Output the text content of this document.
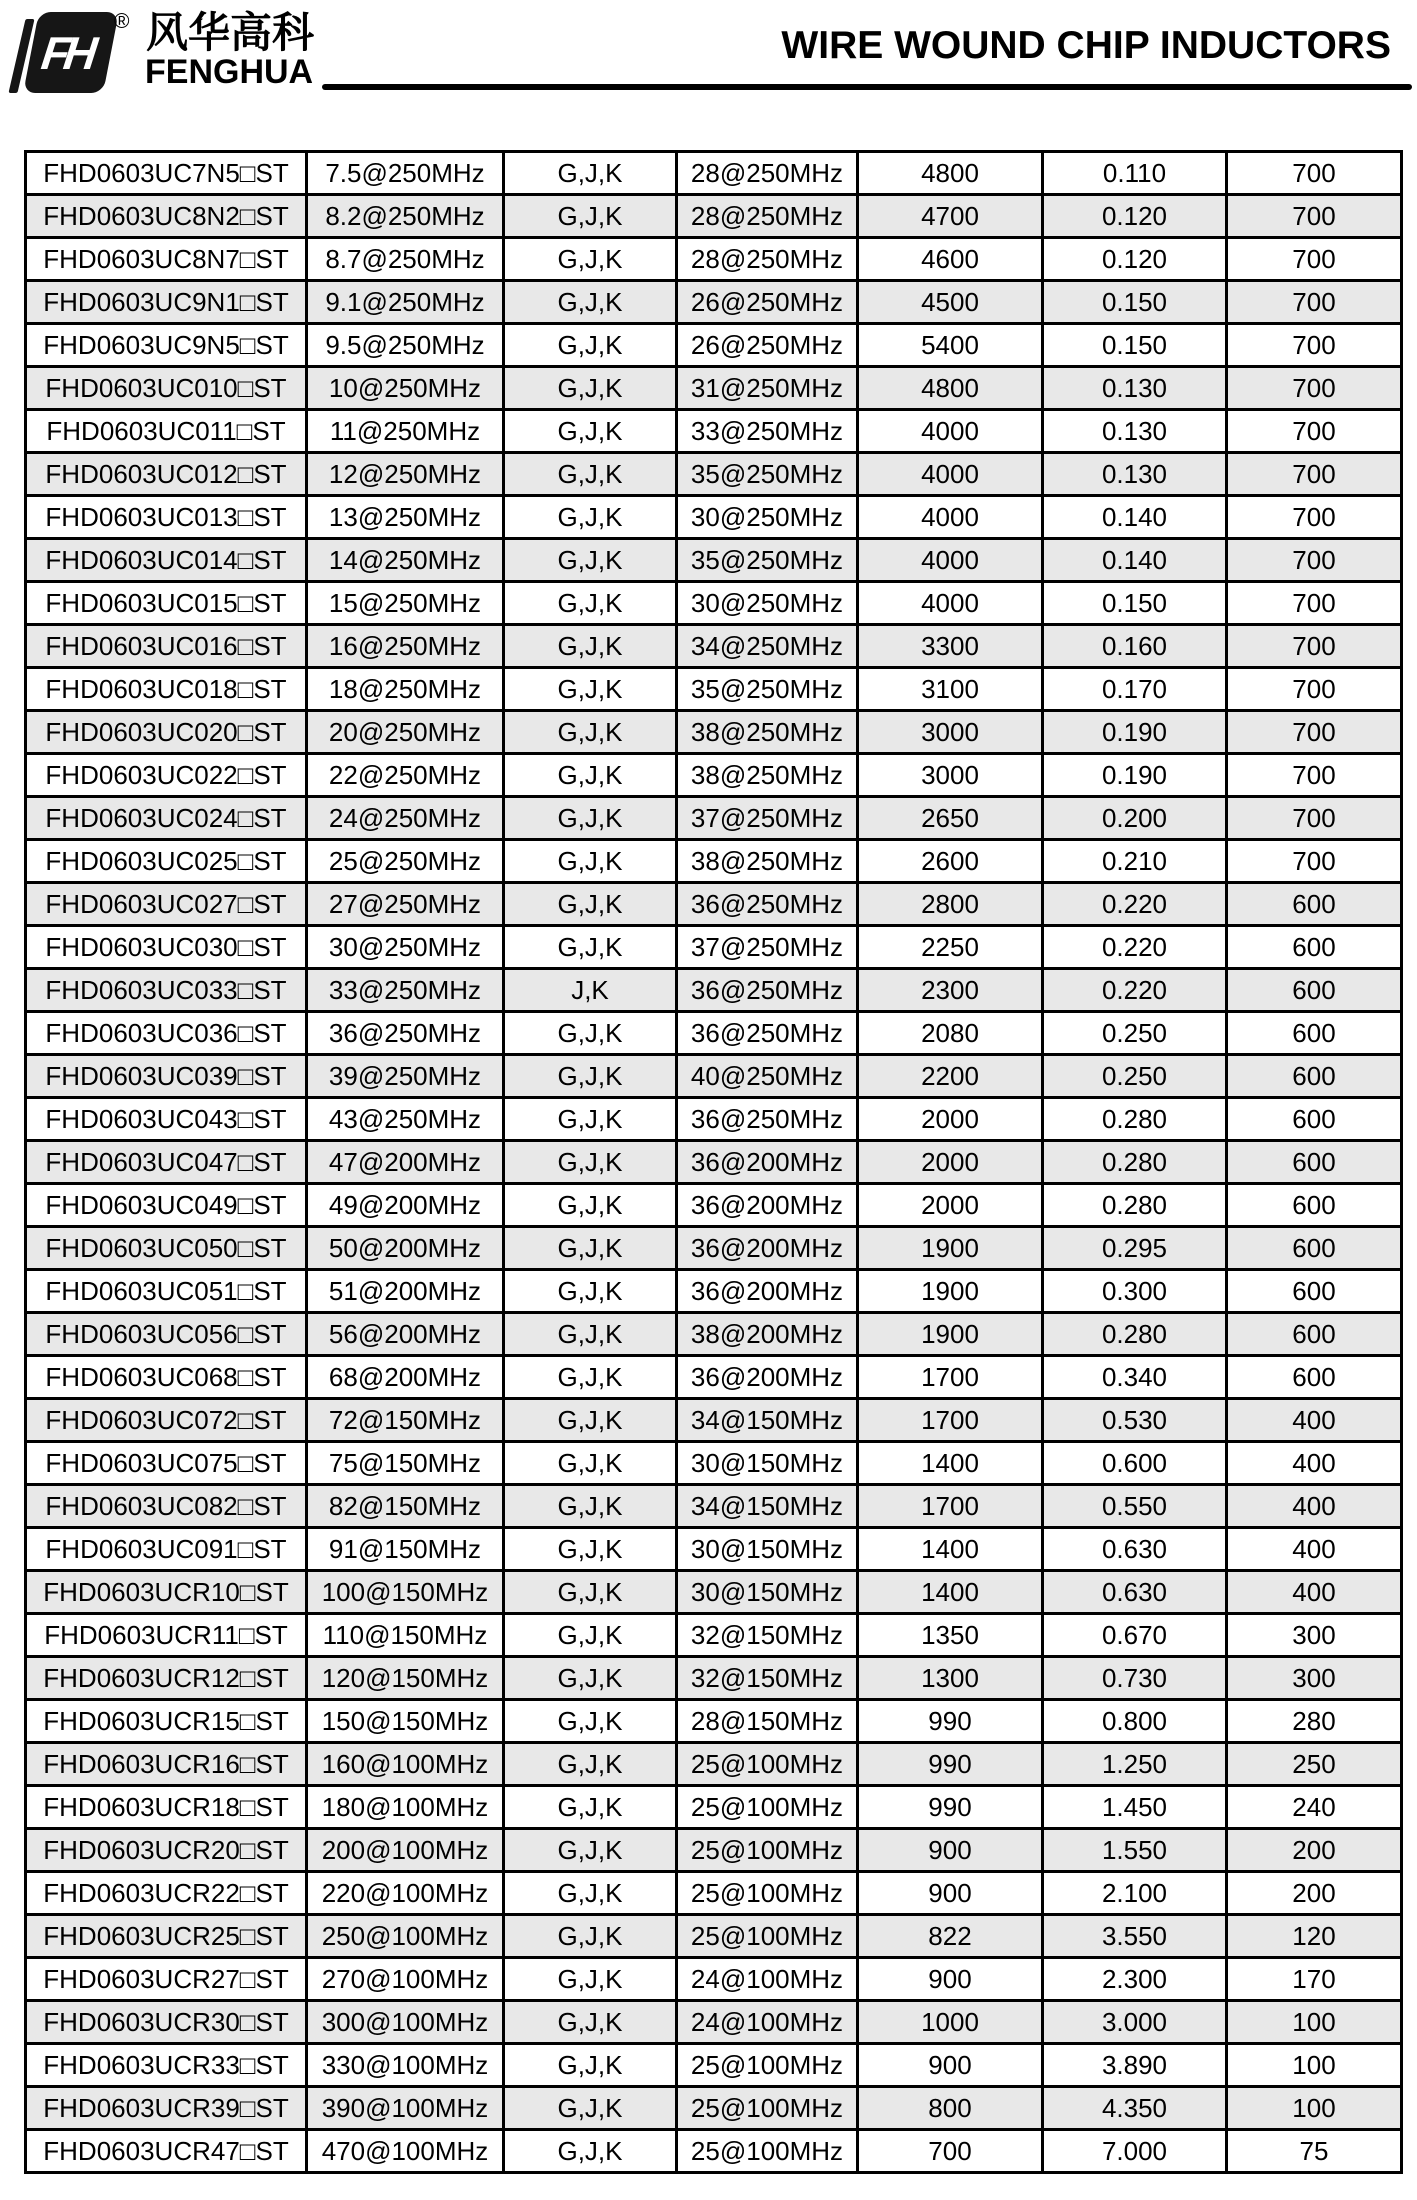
FH
® 风华高科
FENGHUA
WIRE WOUND CHIP INDUCTORS
FHD0603UC7N5□ST	7.5@250MHz	G,J,K	28@250MHz	4800	0.110	700
FHD0603UC8N2□ST	8.2@250MHz	G,J,K	28@250MHz	4700	0.120	700
FHD0603UC8N7□ST	8.7@250MHz	G,J,K	28@250MHz	4600	0.120	700
FHD0603UC9N1□ST	9.1@250MHz	G,J,K	26@250MHz	4500	0.150	700
FHD0603UC9N5□ST	9.5@250MHz	G,J,K	26@250MHz	5400	0.150	700
FHD0603UC010□ST	10@250MHz	G,J,K	31@250MHz	4800	0.130	700
FHD0603UC011□ST	11@250MHz	G,J,K	33@250MHz	4000	0.130	700
FHD0603UC012□ST	12@250MHz	G,J,K	35@250MHz	4000	0.130	700
FHD0603UC013□ST	13@250MHz	G,J,K	30@250MHz	4000	0.140	700
FHD0603UC014□ST	14@250MHz	G,J,K	35@250MHz	4000	0.140	700
FHD0603UC015□ST	15@250MHz	G,J,K	30@250MHz	4000	0.150	700
FHD0603UC016□ST	16@250MHz	G,J,K	34@250MHz	3300	0.160	700
FHD0603UC018□ST	18@250MHz	G,J,K	35@250MHz	3100	0.170	700
FHD0603UC020□ST	20@250MHz	G,J,K	38@250MHz	3000	0.190	700
FHD0603UC022□ST	22@250MHz	G,J,K	38@250MHz	3000	0.190	700
FHD0603UC024□ST	24@250MHz	G,J,K	37@250MHz	2650	0.200	700
FHD0603UC025□ST	25@250MHz	G,J,K	38@250MHz	2600	0.210	700
FHD0603UC027□ST	27@250MHz	G,J,K	36@250MHz	2800	0.220	600
FHD0603UC030□ST	30@250MHz	G,J,K	37@250MHz	2250	0.220	600
FHD0603UC033□ST	33@250MHz	J,K	36@250MHz	2300	0.220	600
FHD0603UC036□ST	36@250MHz	G,J,K	36@250MHz	2080	0.250	600
FHD0603UC039□ST	39@250MHz	G,J,K	40@250MHz	2200	0.250	600
FHD0603UC043□ST	43@250MHz	G,J,K	36@250MHz	2000	0.280	600
FHD0603UC047□ST	47@200MHz	G,J,K	36@200MHz	2000	0.280	600
FHD0603UC049□ST	49@200MHz	G,J,K	36@200MHz	2000	0.280	600
FHD0603UC050□ST	50@200MHz	G,J,K	36@200MHz	1900	0.295	600
FHD0603UC051□ST	51@200MHz	G,J,K	36@200MHz	1900	0.300	600
FHD0603UC056□ST	56@200MHz	G,J,K	38@200MHz	1900	0.280	600
FHD0603UC068□ST	68@200MHz	G,J,K	36@200MHz	1700	0.340	600
FHD0603UC072□ST	72@150MHz	G,J,K	34@150MHz	1700	0.530	400
FHD0603UC075□ST	75@150MHz	G,J,K	30@150MHz	1400	0.600	400
FHD0603UC082□ST	82@150MHz	G,J,K	34@150MHz	1700	0.550	400
FHD0603UC091□ST	91@150MHz	G,J,K	30@150MHz	1400	0.630	400
FHD0603UCR10□ST	100@150MHz	G,J,K	30@150MHz	1400	0.630	400
FHD0603UCR11□ST	110@150MHz	G,J,K	32@150MHz	1350	0.670	300
FHD0603UCR12□ST	120@150MHz	G,J,K	32@150MHz	1300	0.730	300
FHD0603UCR15□ST	150@150MHz	G,J,K	28@150MHz	990	0.800	280
FHD0603UCR16□ST	160@100MHz	G,J,K	25@100MHz	990	1.250	250
FHD0603UCR18□ST	180@100MHz	G,J,K	25@100MHz	990	1.450	240
FHD0603UCR20□ST	200@100MHz	G,J,K	25@100MHz	900	1.550	200
FHD0603UCR22□ST	220@100MHz	G,J,K	25@100MHz	900	2.100	200
FHD0603UCR25□ST	250@100MHz	G,J,K	25@100MHz	822	3.550	120
FHD0603UCR27□ST	270@100MHz	G,J,K	24@100MHz	900	2.300	170
FHD0603UCR30□ST	300@100MHz	G,J,K	24@100MHz	1000	3.000	100
FHD0603UCR33□ST	330@100MHz	G,J,K	25@100MHz	900	3.890	100
FHD0603UCR39□ST	390@100MHz	G,J,K	25@100MHz	800	4.350	100
FHD0603UCR47□ST	470@100MHz	G,J,K	25@100MHz	700	7.000	75
